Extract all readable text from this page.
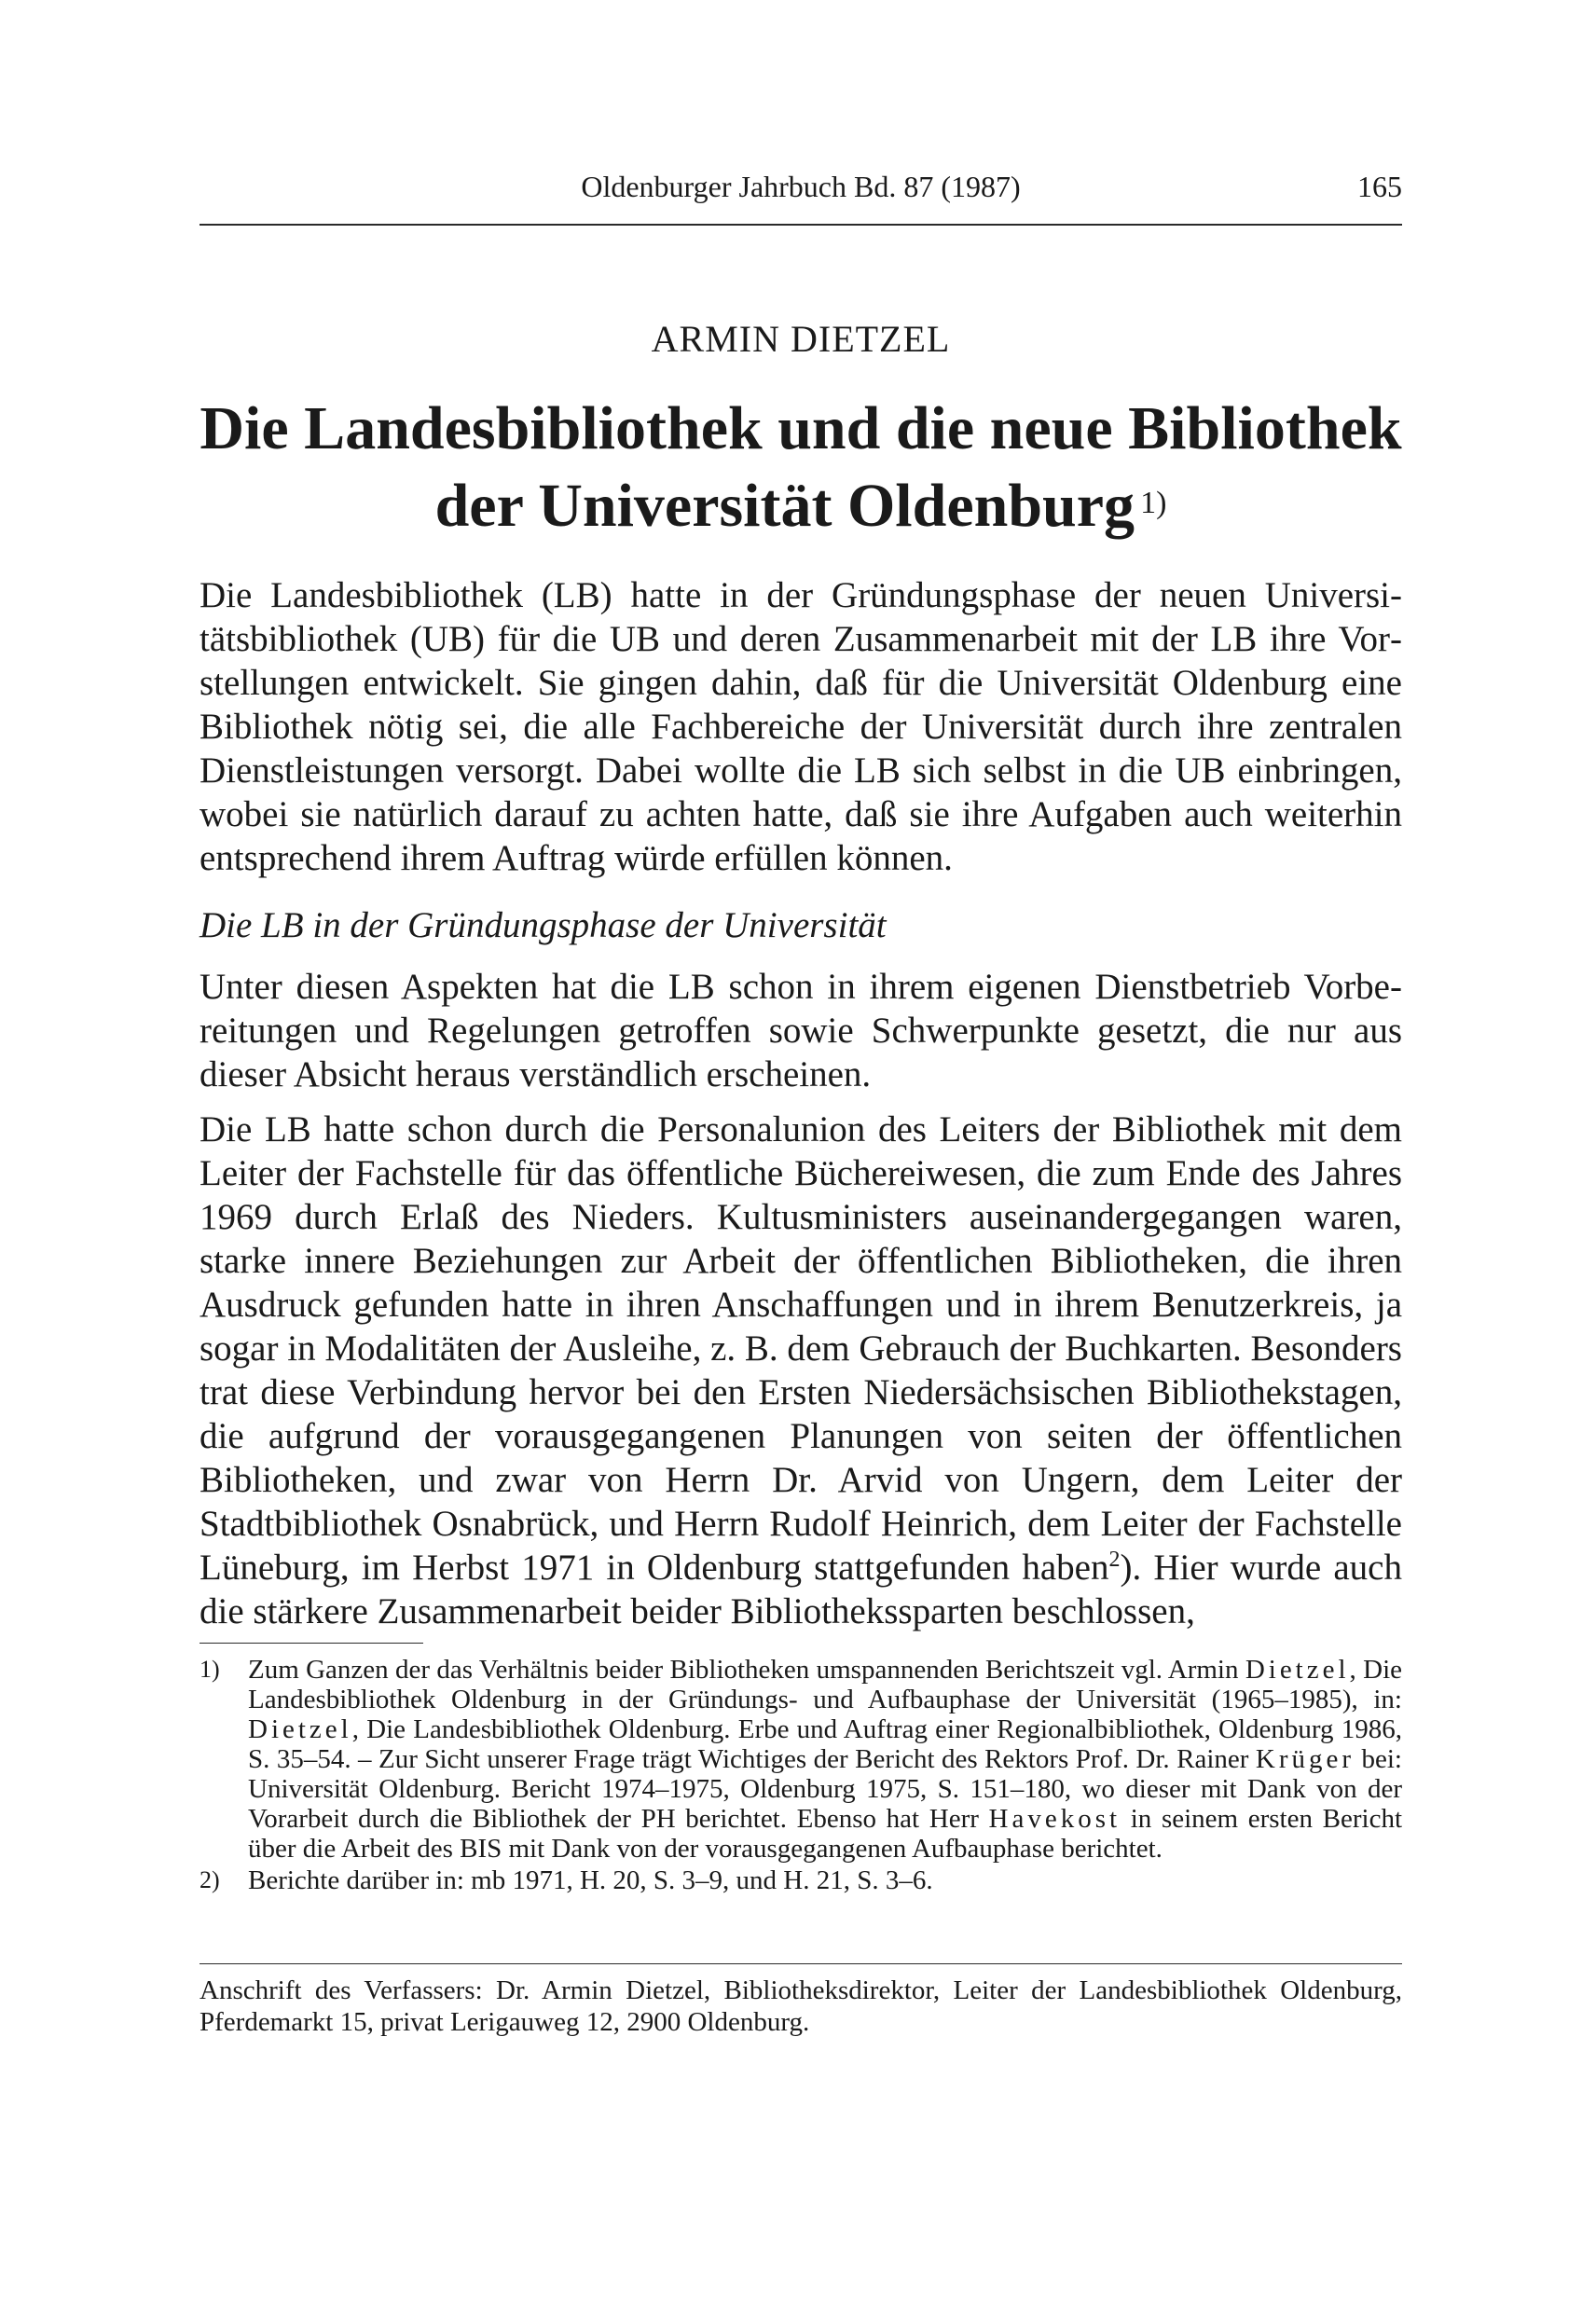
Oldenburger Jahrbuch Bd. 87 (1987)	165
ARMIN DIETZEL
Die Landesbibliothek und die neue Bibliothek
der Universität Oldenburg $^{1)}$
Die Landesbibliothek (LB) hatte in der Gründungsphase der neuen Universitätsbibliothek (UB) für die UB und deren Zusammenarbeit mit der LB ihre Vorstellungen entwickelt. Sie gingen dahin, daß für die Universität Oldenburg eine Bibliothek nötig sei, die alle Fachbereiche der Universität durch ihre zentralen Dienstleistungen versorgt. Dabei wollte die LB sich selbst in die UB einbringen, wobei sie natürlich darauf zu achten hatte, daß sie ihre Aufgaben auch weiterhin entsprechend ihrem Auftrag würde erfüllen können.
Die LB in der Gründungsphase der Universität
Unter diesen Aspekten hat die LB schon in ihrem eigenen Dienstbetrieb Vorbereitungen und Regelungen getroffen sowie Schwerpunkte gesetzt, die nur aus dieser Absicht heraus verständlich erscheinen.
Die LB hatte schon durch die Personalunion des Leiters der Bibliothek mit dem Leiter der Fachstelle für das öffentliche Büchereiwesen, die zum Ende des Jahres 1969 durch Erlaß des Nieders. Kultusministers auseinandergegangen waren, starke innere Beziehungen zur Arbeit der öffentlichen Bibliotheken, die ihren Ausdruck gefunden hatte in ihren Anschaffungen und in ihrem Benutzerkreis, ja sogar in Modalitäten der Ausleihe, z. B. dem Gebrauch der Buchkarten. Besonders trat diese Verbindung hervor bei den Ersten Niedersächsischen Bibliothekstagen, die aufgrund der vorausgegangenen Planungen von seiten der öffentlichen Bibliotheken, und zwar von Herrn Dr. Arvid von Ungern, dem Leiter der Stadtbibliothek Osnabrück, und Herrn Rudolf Heinrich, dem Leiter der Fachstelle Lüneburg, im Herbst 1971 in Oldenburg stattgefunden haben$^2$). Hier wurde auch die stärkere Zusammenarbeit beider Bibliothekssparten beschlossen,
1)	Zum Ganzen der das Verhältnis beider Bibliotheken umspannenden Berichtszeit vgl. Armin Dietzel, Die Landesbibliothek Oldenburg in der Gründungs- und Aufbauphase der Universität (1965–1985), in: Dietzel, Die Landesbibliothek Oldenburg. Erbe und Auftrag einer Regionalbibliothek, Oldenburg 1986, S. 35–54. – Zur Sicht unserer Frage trägt Wichtiges der Bericht des Rektors Prof. Dr. Rainer Krüger bei: Universität Oldenburg. Bericht 1974–1975, Oldenburg 1975, S. 151–180, wo dieser mit Dank von der Vorarbeit durch die Bibliothek der PH berichtet. Ebenso hat Herr Havekost in seinem ersten Bericht über die Arbeit des BIS mit Dank von der vorausgegangenen Aufbauphase berichtet.
2)	Berichte darüber in: mb 1971, H. 20, S. 3–9, und H. 21, S. 3–6.
Anschrift des Verfassers: Dr. Armin Dietzel, Bibliotheksdirektor, Leiter der Landesbibliothek Oldenburg, Pferdemarkt 15, privat Lerigauweg 12, 2900 Oldenburg.
